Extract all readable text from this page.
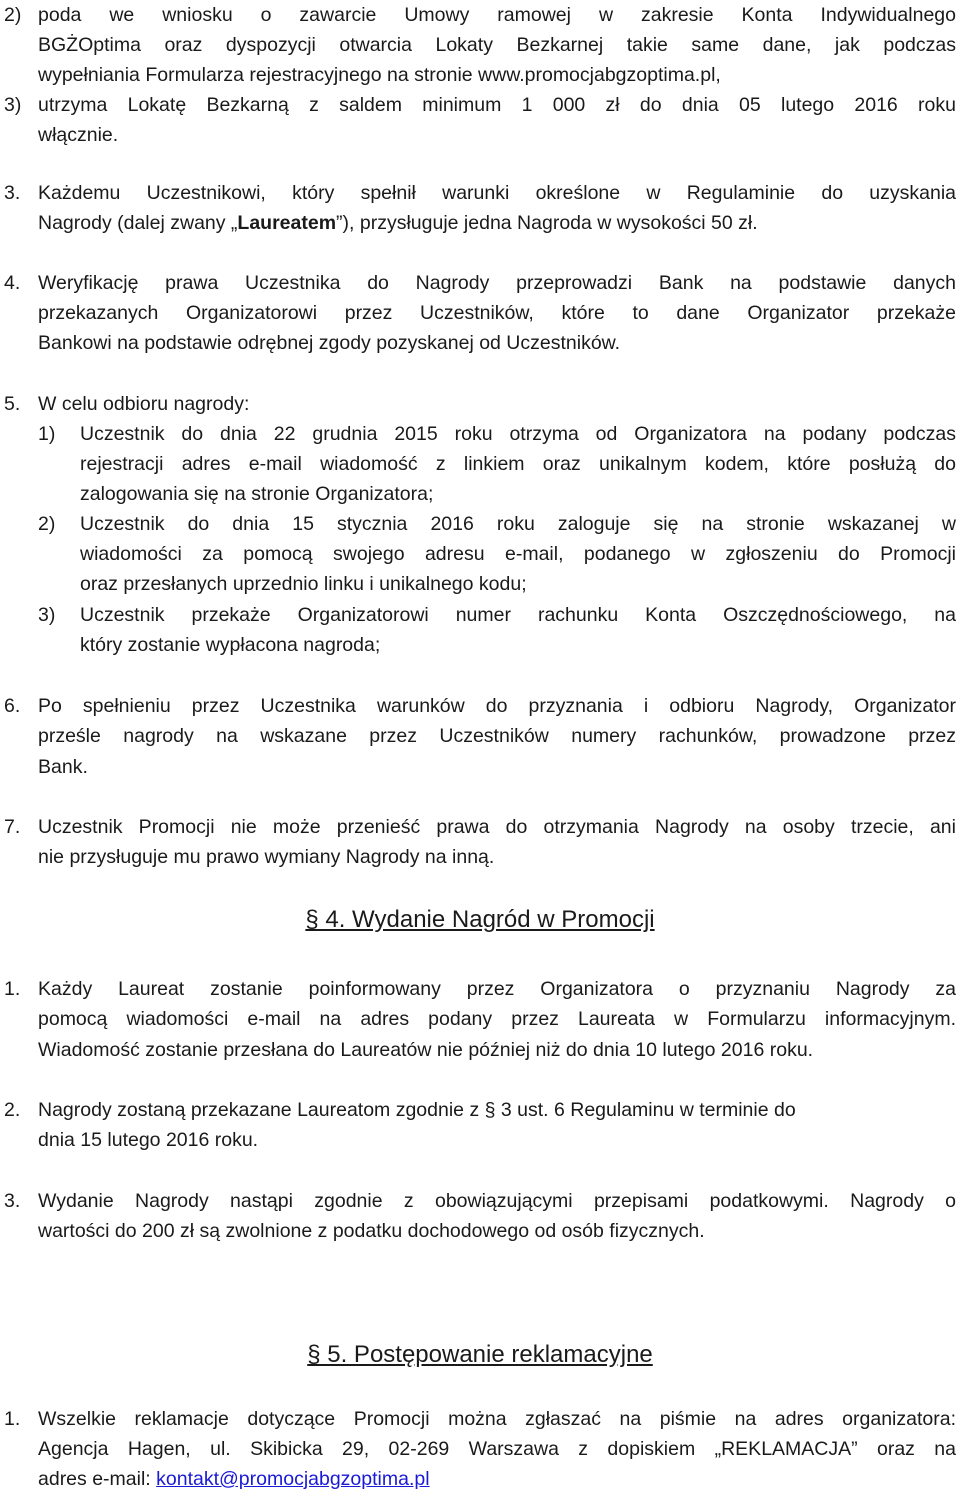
2) poda we wniosku o zawarcie Umowy ramowej w zakresie Konta Indywidualnego
BGŻOptima oraz dyspozycji otwarcia Lokaty Bezkarnej takie same dane, jak podczas
wypełniania Formularza rejestracyjnego na stronie www.promocjabgzoptima.pl,
3) utrzyma Lokatę Bezkarną z saldem minimum 1 000 zł do dnia 05 lutego 2016 roku
włącznie.
3. Każdemu Uczestnikowi, który spełnił warunki określone w Regulaminie do uzyskania
Nagrody (dalej zwany „Laureatem”), przysługuje jedna Nagroda w wysokości 50 zł.
4. Weryfikację prawa Uczestnika do Nagrody przeprowadzi Bank na podstawie danych
przekazanych Organizatorowi przez Uczestników, które to dane Organizator przekaże
Bankowi na podstawie odrębnej zgody pozyskanej od Uczestników.
5. W celu odbioru nagrody:
1) Uczestnik do dnia 22 grudnia 2015 roku otrzyma od Organizatora na podany podczas
rejestracji adres e-mail wiadomość z linkiem oraz unikalnym kodem, które posłużą do
zalogowania się na stronie Organizatora;
2) Uczestnik do dnia 15 stycznia 2016 roku zaloguje się na stronie wskazanej w
wiadomości za pomocą swojego adresu e-mail, podanego w zgłoszeniu do Promocji
oraz przesłanych uprzednio linku i unikalnego kodu;
3) Uczestnik przekaże Organizatorowi numer rachunku Konta Oszczędnościowego, na
który zostanie wypłacona nagroda;
6. Po spełnieniu przez Uczestnika warunków do przyznania i odbioru Nagrody, Organizator
prześle nagrody na wskazane przez Uczestników numery rachunków, prowadzone przez
Bank.
7. Uczestnik Promocji nie może przenieść prawa do otrzymania Nagrody na osoby trzecie, ani
nie przysługuje mu prawo wymiany Nagrody na inną.
§ 4. Wydanie Nagród w Promocji
1. Każdy Laureat zostanie poinformowany przez Organizatora o przyznaniu Nagrody za
pomocą wiadomości e-mail na adres podany przez Laureata w Formularzu informacyjnym.
Wiadomość zostanie przesłana do Laureatów nie później niż do dnia 10 lutego 2016 roku.
2. Nagrody zostaną przekazane Laureatom zgodnie z § 3 ust. 6 Regulaminu w terminie do
dnia 15 lutego 2016 roku.
3. Wydanie Nagrody nastąpi zgodnie z obowiązującymi przepisami podatkowymi. Nagrody o
wartości do 200 zł są zwolnione z podatku dochodowego od osób fizycznych.
§ 5. Postępowanie reklamacyjne
1. Wszelkie reklamacje dotyczące Promocji można zgłaszać na piśmie na adres organizatora:
Agencja Hagen, ul. Skibicka 29, 02-269 Warszawa z dopiskiem „REKLAMACJA” oraz na
adres e-mail: kontakt@promocjabgzoptima.pl
